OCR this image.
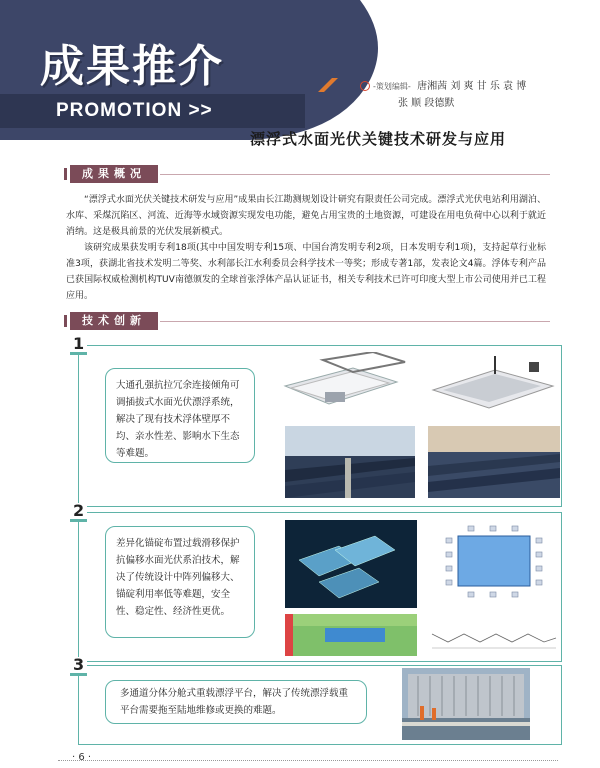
成果推介
PROMOTION >>
-策划编辑- 唐湘茜 刘 爽 甘 乐 袁 博
张 顺 段德默
漂浮式水面光伏关键技术研发与应用
成果概况
“漂浮式水面光伏关键技术研发与应用”成果由长江勘测规划设计研究有限责任公司完成。漂浮式光伏电站利用湖泊、水库、采煤沉陷区、河流、近海等水域资源实现发电功能，避免占用宝贵的土地资源，可建设在用电负荷中心以利于就近消纳。这是极具前景的光伏发展新模式。
该研究成果获发明专利18项(其中中国发明专利15项、中国台湾发明专利2项，日本发明专利1项)，支持起草行业标准3项，获湖北省技术发明二等奖、水利部长江水利委员会科学技术一等奖；形成专著1部，发表论文4篇。浮体专利产品已获国际权威检测机构TUV南德颁发的全球首张浮体产品认证证书，相关专利技术已许可印度大型上市公司使用并已工程应用。
技术创新
1
大通孔强抗拉冗余连接倾角可调插拔式水面光伏漂浮系统，解决了现有技术浮体壁厚不均、亲水性差、影响水下生态等难题。
2
差异化锚碇布置过载滑移保护抗偏移水面光伏系泊技术，解决了传统设计中阵列偏移大、锚碇利用率低等难题，安全性、稳定性、经济性更优。
3
多通道分体分舱式重载漂浮平台，解决了传统漂浮载重平台需要拖至陆地维修或更换的难题。
· 6 ·
